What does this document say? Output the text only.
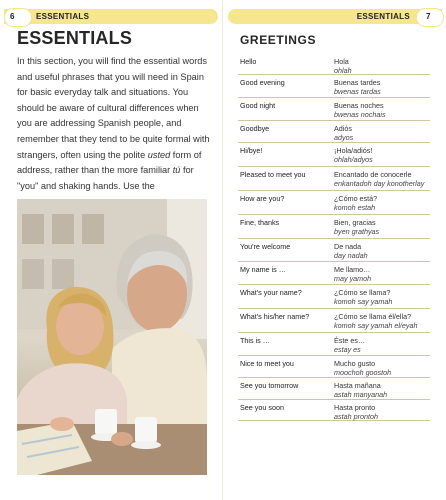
ESSENTIALS
6	ESSENTIALS 7
ESSENTIALS
In this section, you will find the essential words and useful phrases that you will need in Spain for basic everyday talk and situations. You should be aware of cultural differences when you are addressing Spanish people, and remember that they tend to be quite formal with strangers, often using the polite usted form of address, rather than the more familiar tú for "you" and shaking hands. Use the
GREETINGS
Hello	Hola
ohlah
Good evening	Buenas tardes
bwenas tardas
Good night	Buenas noches
bwenas nochais
Goodbye	Adiós
adyos
Hi/bye!	¡Hola/adiós!
ohlah/adyos
Pleased to meet you	Encantado de conocerle
enkantadoh day konotherlay
How are you?	¿Cómo está?
komoh estah
Fine, thanks	Bien, gracias
byen grathyas
You're welcome	De nada
day nadah
My name is …	Me llamo…
may yamoh
What's your name?	¿Cómo se llama?
komoh say yamah
What's his/her name?	¿Cómo se llama él/ella?
komoh say yamah el/eyah
This is …	Éste es…
estay es
Nice to meet you	Mucho gusto
moochoh goostoh
See you tomorrow	Hasta mañana
astah manyanah
See you soon	Hasta pronto
astah prontoh
